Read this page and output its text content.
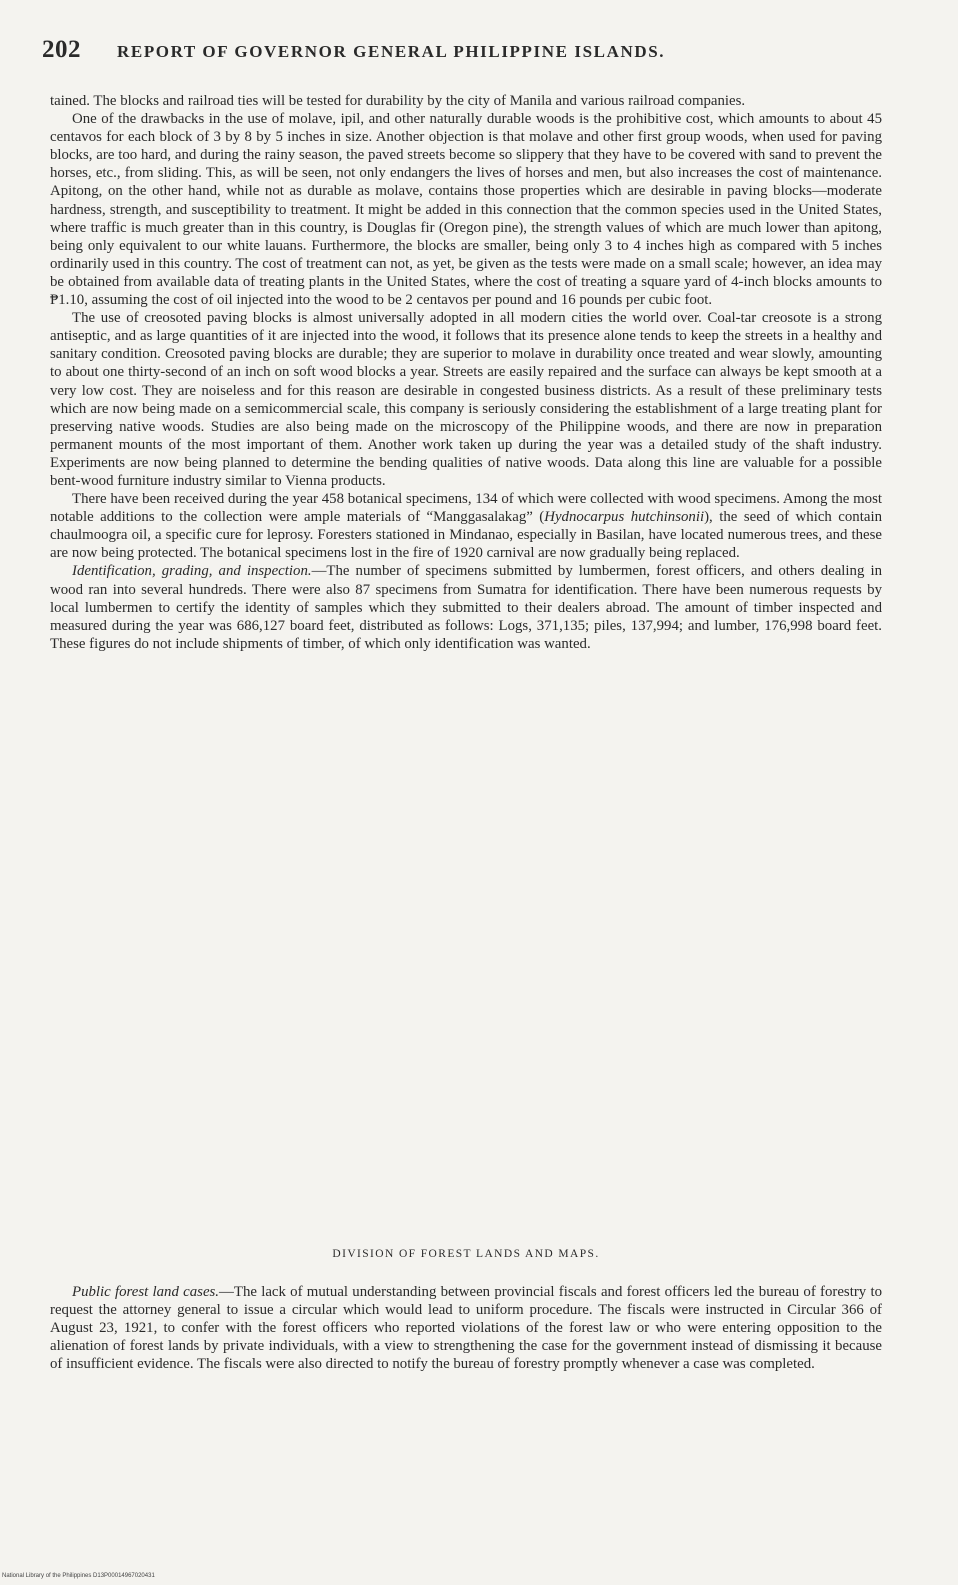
202 REPORT OF GOVERNOR GENERAL PHILIPPINE ISLANDS.

tained. The blocks and railroad ties will be tested for durability by the city of Manila and various railroad companies.

One of the drawbacks in the use of molave, ipil, and other naturally durable woods is the prohibitive cost, which amounts to about 45 centavos for each block of 3 by 8 by 5 inches in size. Another objection is that molave and other first group woods, when used for paving blocks, are too hard, and during the rainy season, the paved streets become so slippery that they have to be covered with sand to prevent the horses, etc., from sliding. This, as will be seen, not only endangers the lives of horses and men, but also increases the cost of maintenance. Apitong, on the other hand, while not as durable as molave, contains those properties which are desirable in paving blocks—moderate hardness, strength, and susceptibility to treatment. It might be added in this connection that the common species used in the United States, where traffic is much greater than in this country, is Douglas fir (Oregon pine), the strength values of which are much lower than apitong, being only equivalent to our white lauans. Furthermore, the blocks are smaller, being only 3 to 4 inches high as compared with 5 inches ordinarily used in this country. The cost of treatment can not, as yet, be given as the tests were made on a small scale; however, an idea may be obtained from available data of treating plants in the United States, where the cost of treating a square yard of 4-inch blocks amounts to ₱1.10, assuming the cost of oil injected into the wood to be 2 centavos per pound and 16 pounds per cubic foot.

The use of creosoted paving blocks is almost universally adopted in all modern cities the world over. Coal-tar creosote is a strong antiseptic, and as large quantities of it are injected into the wood, it follows that its presence alone tends to keep the streets in a healthy and sanitary condition. Creosoted paving blocks are durable; they are superior to molave in durability once treated and wear slowly, amounting to about one thirty-second of an inch on soft wood blocks a year. Streets are easily repaired and the surface can always be kept smooth at a very low cost. They are noiseless and for this reason are desirable in congested business districts. As a result of these preliminary tests which are now being made on a semicommercial scale, this company is seriously considering the establishment of a large treating plant for preserving native woods. Studies are also being made on the microscopy of the Philippine woods, and there are now in preparation permanent mounts of the most important of them. Another work taken up during the year was a detailed study of the shaft industry. Experiments are now being planned to determine the bending qualities of native woods. Data along this line are valuable for a possible bent-wood furniture industry similar to Vienna products.

There have been received during the year 458 botanical specimens, 134 of which were collected with wood specimens. Among the most notable additions to the collection were ample materials of “Manggasalakag” (Hydnocarpus hutchinsonii), the seed of which contain chaulmoogra oil, a specific cure for leprosy. Foresters stationed in Mindanao, especially in Basilan, have located numerous trees, and these are now being protected. The botanical specimens lost in the fire of 1920 carnival are now gradually being replaced.

Identification, grading, and inspection.—The number of specimens submitted by lumbermen, forest officers, and others dealing in wood ran into several hundreds. There were also 87 specimens from Sumatra for identification. There have been numerous requests by local lumbermen to certify the identity of samples which they submitted to their dealers abroad. The amount of timber inspected and measured during the year was 686,127 board feet, distributed as follows: Logs, 371,135; piles, 137,994; and lumber, 176,998 board feet. These figures do not include shipments of timber, of which only identification was wanted.

DIVISION OF FOREST LANDS AND MAPS.

Public forest land cases.—The lack of mutual understanding between provincial fiscals and forest officers led the bureau of forestry to request the attorney general to issue a circular which would lead to uniform procedure. The fiscals were instructed in Circular 366 of August 23, 1921, to confer with the forest officers who reported violations of the forest law or who were entering opposition to the alienation of forest lands by private individuals, with a view to strengthening the case for the government instead of dismissing it because of insufficient evidence. The fiscals were also directed to notify the bureau of forestry promptly whenever a case was completed.

National Library of the Philippines D13P00014967020431
